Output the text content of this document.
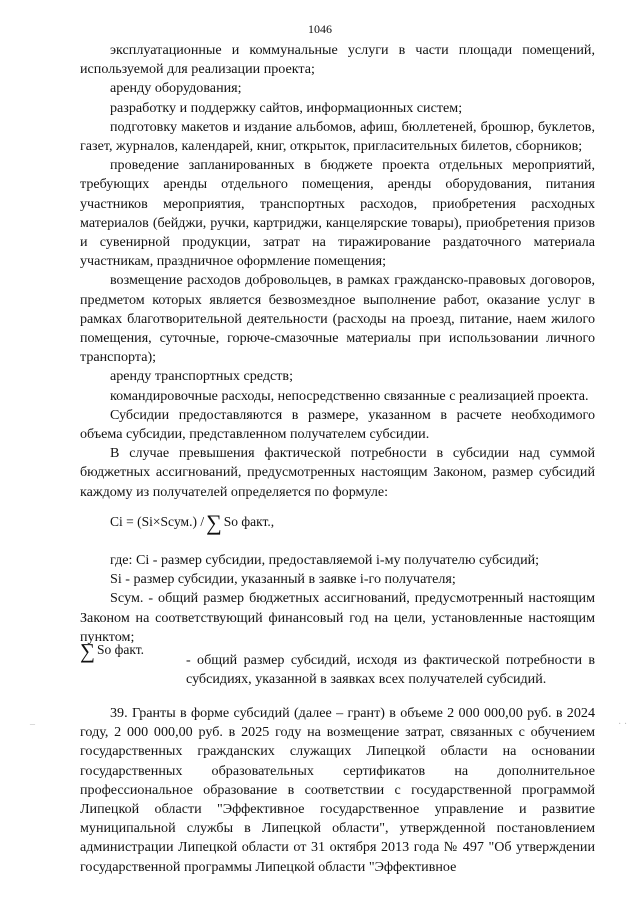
1046

эксплуатационные и коммунальные услуги в части площади помещений, используемой для реализации проекта;

аренду оборудования;

разработку и поддержку сайтов, информационных систем;

подготовку макетов и издание альбомов, афиш, бюллетеней, брошюр, буклетов, газет, журналов, календарей, книг, открыток, пригласительных билетов, сборников;

проведение запланированных в бюджете проекта отдельных мероприятий, требующих аренды отдельного помещения, аренды оборудования, питания участников мероприятия, транспортных расходов, приобретения расходных материалов (бейджи, ручки, картриджи, канцелярские товары), приобретения призов и сувенирной продукции, затрат на тиражирование раздаточного материала участникам, праздничное оформление помещения;

возмещение расходов добровольцев, в рамках гражданско-правовых договоров, предметом которых является безвозмездное выполнение работ, оказание услуг в рамках благотворительной деятельности (расходы на проезд, питание, наем жилого помещения, суточные, горюче-смазочные материалы при использовании личного транспорта);

аренду транспортных средств;

командировочные расходы, непосредственно связанные с реализацией проекта.

Субсидии предоставляются в размере, указанном в расчете необходимого объема субсидии, представленном получателем субсидии.

В случае превышения фактической потребности в субсидии над суммой бюджетных ассигнований, предусмотренных настоящим Законом, размер субсидий каждому из получателей определяется по формуле:

Ci = (Si×Scум.) / ∑ So факт.,

где: Ci - размер субсидии, предоставляемой i-му получателю субсидий;

Si - размер субсидии, указанный в заявке i-го получателя;

Scум. - общий размер бюджетных ассигнований, предусмотренный настоящим Законом на соответствующий финансовый год на цели, установленные настоящим пунктом;

∑ So факт.
- общий размер субсидий, исходя из фактической потребности в субсидиях, указанной в заявках всех получателей субсидий.

39. Гранты в форме субсидий (далее – грант) в объеме 2 000 000,00 руб. в 2024 году, 2 000 000,00 руб. в 2025 году на возмещение затрат, связанных с обучением государственных гражданских служащих Липецкой области на основании государственных образовательных сертификатов на дополнительное профессиональное образование в соответствии с государственной программой Липецкой области "Эффективное государственное управление и развитие муниципальной службы в Липецкой области", утвержденной постановлением администрации Липецкой области от 31 октября 2013 года № 497 "Об утверждении государственной программы Липецкой области "Эффективное

–	· ·
